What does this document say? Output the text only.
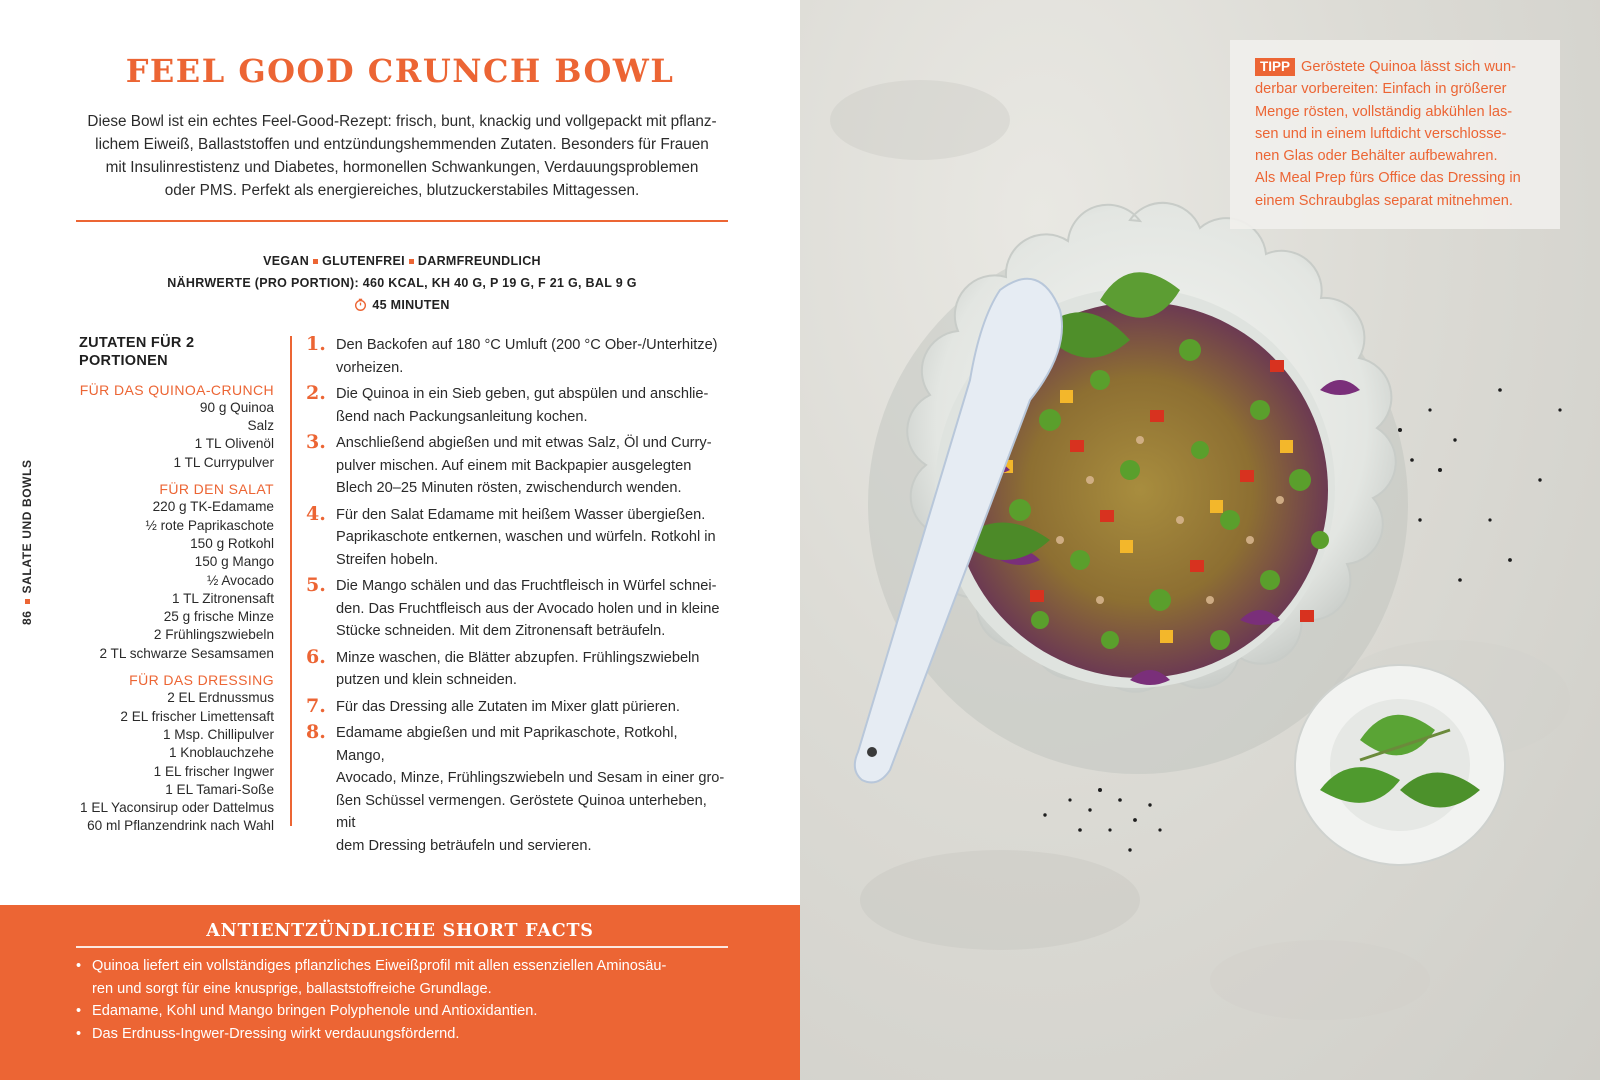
FEEL GOOD CRUNCH BOWL

Diese Bowl ist ein echtes Feel-Good-Rezept: frisch, bunt, knackig und vollgepackt mit pflanz-
lichem Eiweiß, Ballaststoffen und entzündungshemmenden Zutaten. Besonders für Frauen
mit Insulinrestistenz und Diabetes, hormonellen Schwankungen, Verdauungsproblemen
oder PMS. Perfekt als energiereiches, blutzuckerstabiles Mittagessen.

VEGAN GLUTENFREI DARMFREUNDLICH
NÄHRWERTE (PRO PORTION): 460 KCAL, KH 40 G, P 19 G, F 21 G, BAL 9 G
45 MINUTEN
86SALATE UND BOWLS
ZUTATEN FÜR 2 PORTIONEN
FÜR DAS QUINOA-CRUNCH
90 g Quinoa
Salz
1 TL Olivenöl
1 TL Currypulver
FÜR DEN SALAT
220 g TK-Edamame
½ rote Paprikaschote
150 g Rotkohl
150 g Mango
½ Avocado
1 TL Zitronensaft
25 g frische Minze
2 Frühlingszwiebeln
2 TL schwarze Sesamsamen
FÜR DAS DRESSING
2 EL Erdnussmus
2 EL frischer Limettensaft
1 Msp. Chillipulver
1 Knoblauchzehe
1 EL frischer Ingwer
1 EL Tamari-Soße
1 EL Yaconsirup oder Dattelmus
60 ml Pflanzendrink nach Wahl
1. Den Backofen auf 180 °C Umluft (200 °C Ober-/Unterhitze)
vorheizen.
2. Die Quinoa in ein Sieb geben, gut abspülen und anschlie-
ßend nach Packungsanleitung kochen.
3. Anschließend abgießen und mit etwas Salz, Öl und Curry-
pulver mischen. Auf einem mit Backpapier ausgelegten
Blech 20–25 Minuten rösten, zwischendurch wenden.
4. Für den Salat Edamame mit heißem Wasser übergießen.
Paprikaschote entkernen, waschen und würfeln. Rotkohl in
Streifen hobeln.
5. Die Mango schälen und das Fruchtfleisch in Würfel schnei-
den. Das Fruchtfleisch aus der Avocado holen und in kleine
Stücke schneiden. Mit dem Zitronensaft beträufeln.
6. Minze waschen, die Blätter abzupfen. Frühlingszwiebeln
putzen und klein schneiden.
7. Für das Dressing alle Zutaten im Mixer glatt pürieren.
8. Edamame abgießen und mit Paprikaschote, Rotkohl, Mango,
Avocado, Minze, Frühlingszwiebeln und Sesam in einer gro-
ßen Schüssel vermengen. Geröstete Quinoa unterheben, mit
dem Dressing beträufeln und servieren.
ANTIENTZÜNDLICHE SHORT FACTS
• Quinoa liefert ein vollständiges pflanzliches Eiweißprofil mit allen essenziellen Aminosäu-
ren und sorgt für eine knusprige, ballaststoffreiche Grundlage.
• Edamame, Kohl und Mango bringen Polyphenole und Antioxidantien.
• Das Erdnuss-Ingwer-Dressing wirkt verdauungsfördernd.
TIPP Geröstete Quinoa lässt sich wun-
derbar vorbereiten: Einfach in größerer
Menge rösten, vollständig abkühlen las-
sen und in einem luftdicht verschlosse-
nen Glas oder Behälter aufbewahren.
Als Meal Prep fürs Office das Dressing in
einem Schraubglas separat mitnehmen.
